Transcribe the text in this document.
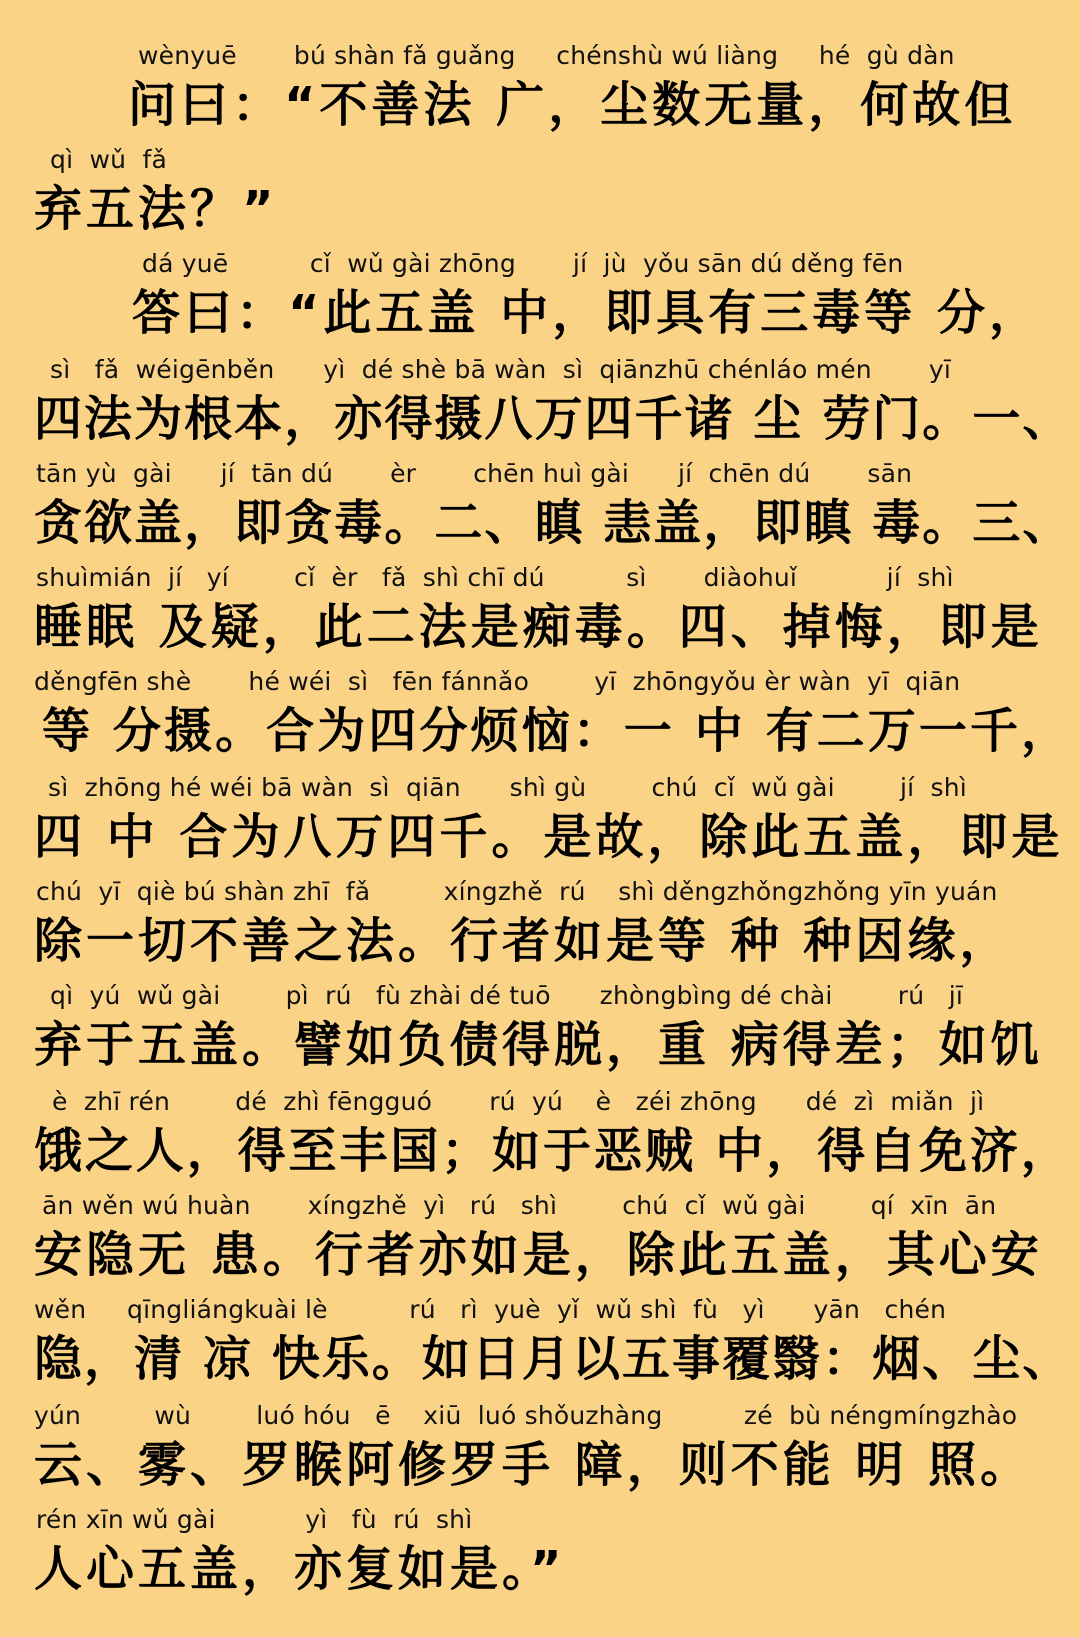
wènyuē       bú shàn fǎ guǎng     chénshù wú liàng     hé  gù dàn
问曰：“不善法 广，尘数无量，何故但
qì  wǔ  fǎ
弃五法？”
dá yuē          cǐ  wǔ gài zhōng       jí  jù  yǒu sān dú děng fēn
答曰：“此五盖 中，即具有三毒等 分，
sì   fǎ  wéigēnběn      yì  dé shè bā wàn  sì  qiānzhū chénláo mén       yī
四法为根本，亦得摄八万四千诸 尘 劳门。一、
tān yù  gài      jí  tān dú       èr       chēn huì gài      jí  chēn dú       sān
贪欲盖，即贪毒。二、瞋 恚盖，即瞋 毒。三、
shuìmián  jí   yí        cǐ  èr   fǎ  shì chī dú          sì       diàohuǐ           jí  shì
睡眠 及疑，此二法是痴毒。四、掉悔，即是
děngfēn shè       hé wéi  sì   fēn fánnǎo        yī  zhōngyǒu èr wàn  yī  qiān
等 分摄。合为四分烦恼：一 中 有二万一千，
sì  zhōng hé wéi bā wàn  sì  qiān      shì gù        chú  cǐ  wǔ gài        jí  shì
四 中 合为八万四千。是故，除此五盖，即是
chú  yī  qiè bú shàn zhī  fǎ         xíngzhě  rú    shì děngzhǒngzhǒng yīn yuán
除一切不善之法。行者如是等 种 种因缘，
qì  yú  wǔ gài        pì  rú   fù zhài dé tuō      zhòngbìng dé chài        rú   jī
弃于五盖。譬如负债得脱，重 病得差；如饥
è  zhī rén        dé  zhì fēngguó       rú  yú    è   zéi zhōng      dé  zì  miǎn  jì
饿之人，得至丰国；如于恶贼 中，得自免济，
ān wěn wú huàn       xíngzhě  yì   rú   shì        chú  cǐ  wǔ gài        qí  xīn  ān
安隐无 患。行者亦如是，除此五盖，其心安
wěn     qīngliángkuài lè          rú   rì  yuè  yǐ  wǔ shì  fù   yì      yān   chén
隐，清 凉 快乐。如日月以五事覆翳：烟、尘、
yún         wù        luó hóu   ē    xiū  luó shǒuzhàng          zé  bù néngmíngzhào
云、雾、罗睺阿修罗手 障，则不能 明 照。
rén xīn wǔ gài           yì   fù  rú  shì
人心五盖，亦复如是。”
